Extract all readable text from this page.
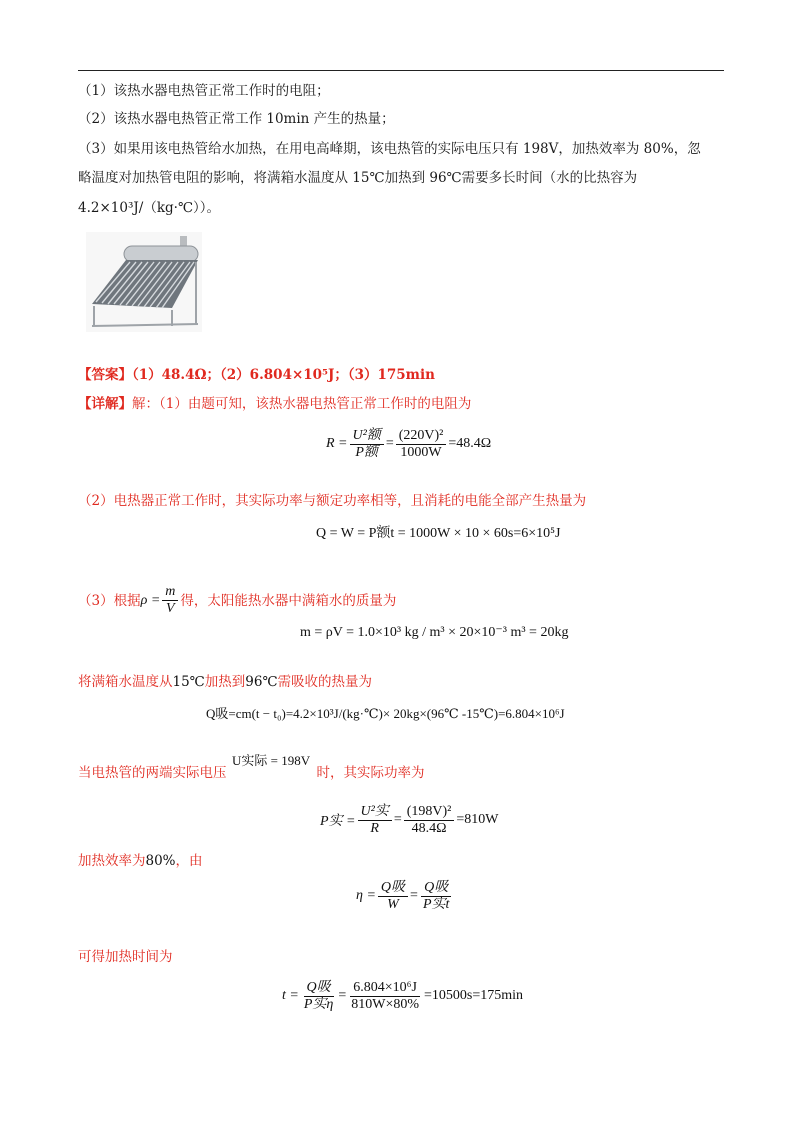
（1）该热水器电热管正常工作时的电阻；
（2）该热水器电热管正常工作 10min 产生的热量；
（3）如果用该电热管给水加热，在用电高峰期，该电热管的实际电压只有 198V，加热效率为 80%，忽
略温度对加热管电阻的影响，将满箱水温度从 15℃加热到 96℃需要多长时间（水的比热容为
4.2×10³J/（kg·℃））。
【答案】（1）48.4Ω；（2）6.804×10⁵J；（3）175min
【详解】解：（1）由题可知，该热水器电热管正常工作时的电阻为
$R = \frac{\text{U²额}}{\text{P额}} = \frac{\text{(220V)²}}{1000W} =48.4\Omega$
（2）电热器正常工作时，其实际功率与额定功率相等，且消耗的电能全部产生热量为
Q = W = P额t = 1000W × 10 × 60s=6×10⁵J
（3）根据 $\rho = \frac{m}{V}$ 得，太阳能热水器中满箱水的质量为
m = ρV = 1.0×10³ kg / m³ × 20×10⁻³ m³ = 20kg
将满箱水温度从15℃加热到96℃需吸收的热量为
Q吸=cm(t − t₀)=4.2×10³J/(kg·℃)× 20kg×(96℃ -15℃)=6.804×10⁶J
U实际 = 198V
当电热管的两端实际电压	时，其实际功率为
P实 = $\frac{\text{U²实}}{R} = \frac{\text{(198V)²}}{48.4\Omega} =810W$
加热效率为80%，由
$\eta = \frac{\text{Q吸}}{W} = \frac{\text{Q吸}}{\text{P实t}}$
可得加热时间为
$t = \frac{\text{Q吸}}{\text{P实η}} = \frac{\text{6.804×10⁶J}}{810W\times 80\%} =10500s=175\min$
